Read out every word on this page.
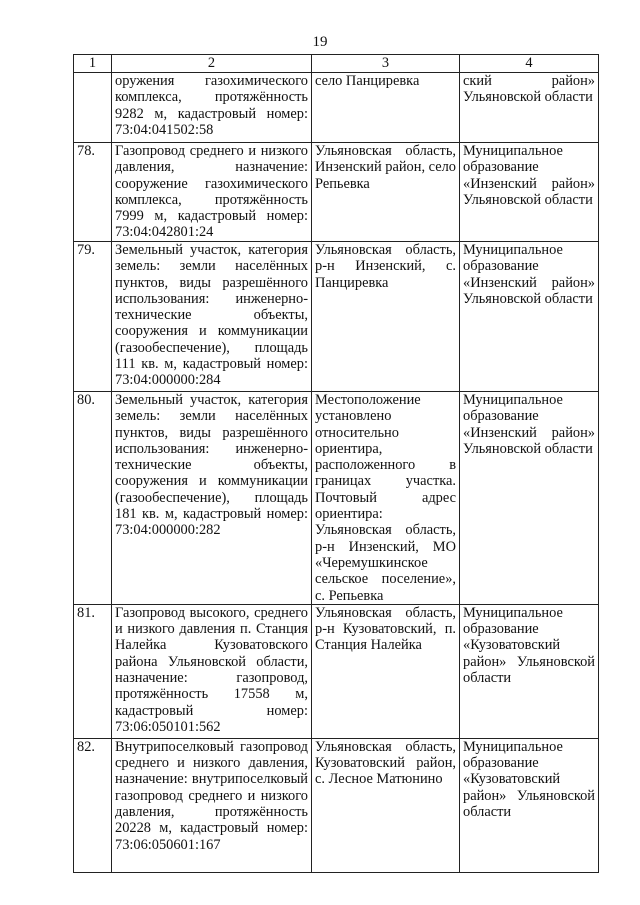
19
1	2	3	4
	оружения газохимического комплекса, протяжённость 9282 м, кадастровый номер: 73:04:041502:58	село Панциревка	ский район» Ульяновской области
78.	Газопровод среднего и низкого давления, назначение: сооружение газохимического комплекса, протяжённость 7999 м, кадастровый номер: 73:04:042801:24	Ульяновская область, Инзенский район, село Репьевка	Муниципальное образование «Инзенский район» Ульяновской области
79.	Земельный участок, категория земель: земли населённых пунктов, виды разрешённого использования: инженерно-технические объекты, сооружения и коммуникации (газообеспечение), площадь 111 кв. м, кадастровый номер: 73:04:000000:284	Ульяновская область, р-н Инзенский, с. Панциревка	Муниципальное образование «Инзенский район» Ульяновской области
80.	Земельный участок, категория земель: земли населённых пунктов, виды разрешённого использования: инженерно-технические объекты, сооружения и коммуникации (газообеспечение), площадь 181 кв. м, кадастровый номер: 73:04:000000:282	Местоположение установлено относительно ориентира, расположенного в границах участка. Почтовый адрес ориентира: Ульяновская область, р-н Инзенский, МО «Черемушкинское сельское поселение», с. Репьевка	Муниципальное образование «Инзенский район» Ульяновской области
81.	Газопровод высокого, среднего и низкого давления п. Станция Налейка Кузоватовского района Ульяновской области, назначение: газопровод, протяжённость 17558 м, кадастровый номер: 73:06:050101:562	Ульяновская область, р-н Кузоватовский, п. Станция Налейка	Муниципальное образование «Кузоватовский район» Ульяновской области
82.	Внутрипоселковый газопровод среднего и низкого давления, назначение: внутрипоселковый газопровод среднего и низкого давления, протяжённость 20228 м, кадастровый номер: 73:06:050601:167	Ульяновская область, Кузоватовский район, с. Лесное Матюнино	Муниципальное образование «Кузоватовский район» Ульяновской области
